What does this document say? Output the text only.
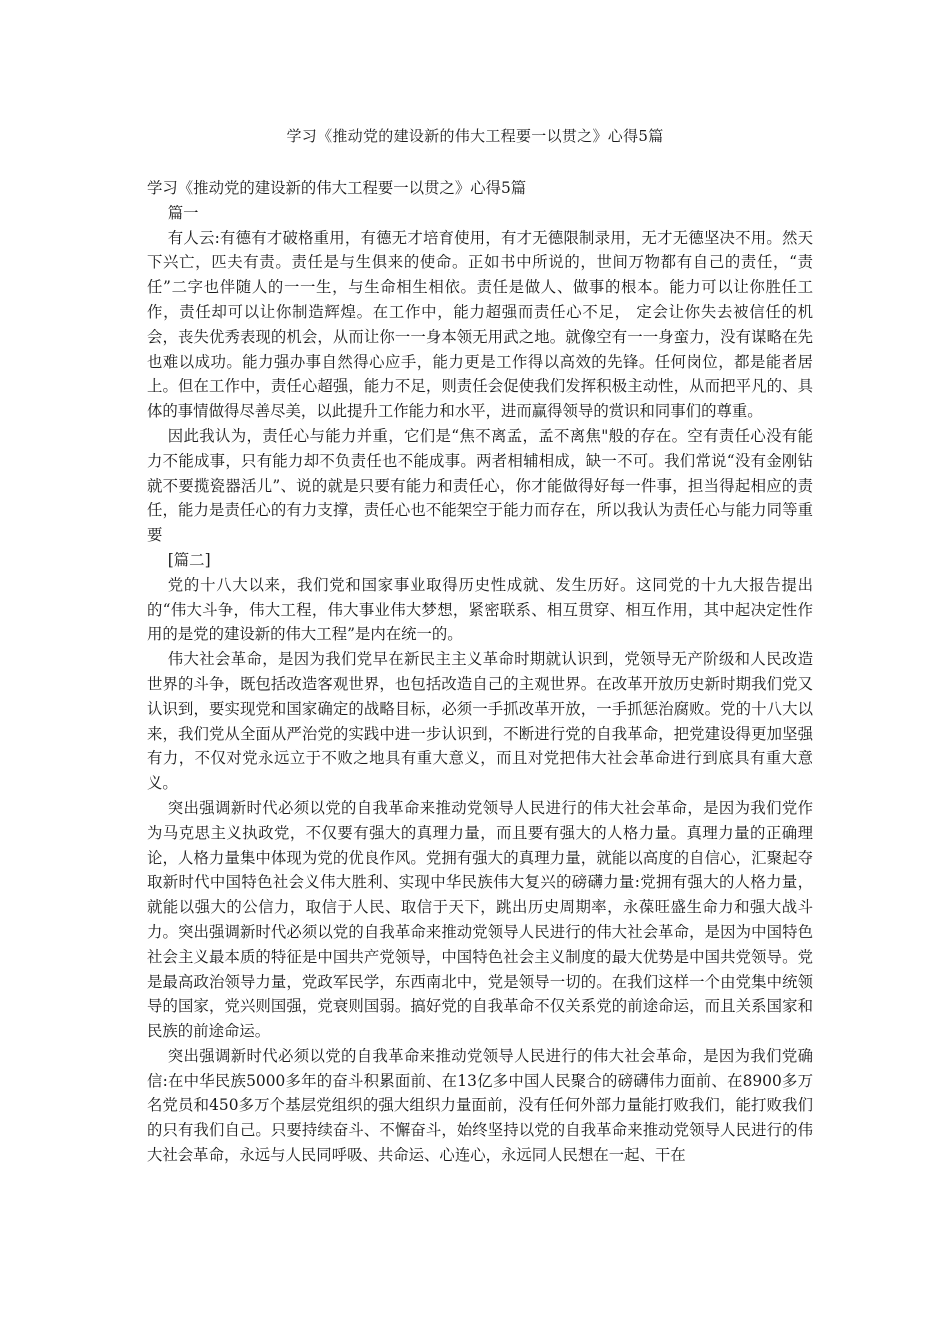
学习《推动党的建设新的伟大工程要一以贯之》心得5篇

学习《推动党的建设新的伟大工程要一以贯之》心得5篇

篇一

有人云:有德有才破格重用，有德无才培育使用，有才无德限制录用，无才无德坚决不用。然天下兴亡，匹夫有责。责任是与生俱来的使命。正如书中所说的，世间万物都有自己的责任，“责任”二字也伴随人的一一生，与生命相生相依。责任是做人、做事的根本。能力可以让你胜任工作，责任却可以让你制造辉煌。在工作中，能力超强而责任心不足， 定会让你失去被信任的机会，丧失优秀表现的机会，从而让你一一身本领无用武之地。就像空有一一身蛮力，没有谋略在先也难以成功。能力强办事自然得心应手，能力更是工作得以高效的先锋。任何岗位，都是能者居上。但在工作中，责任心超强，能力不足，则责任会促使我们发挥积极主动性，从而把平凡的、具体的事情做得尽善尽美，以此提升工作能力和水平，进而赢得领导的赏识和同事们的尊重。

因此我认为，责任心与能力并重，它们是“焦不离孟，孟不离焦"般的存在。空有责任心没有能力不能成事，只有能力却不负责任也不能成事。两者相辅相成，缺一不可。我们常说“没有金刚钻就不要揽瓷器活儿”、说的就是只要有能力和责任心，你才能做得好每一件事，担当得起相应的责任，能力是责任心的有力支撑，责任心也不能架空于能力而存在，所以我认为责任心与能力同等重要

[篇二]

党的十八大以来，我们党和国家事业取得历史性成就、发生历好。这同党的十九大报告提出的“伟大斗争，伟大工程，伟大事业伟大梦想，紧密联系、相互贯穿、相互作用，其中起决定性作用的是党的建设新的伟大工程”是内在统一的。

伟大社会革命，是因为我们党早在新民主主义革命时期就认识到，党领导无产阶级和人民改造世界的斗争，既包括改造客观世界，也包括改造自己的主观世界。在改革开放历史新时期我们党又认识到，要实现党和国家确定的战略目标，必须一手抓改革开放，一手抓惩治腐败。党的十八大以来，我们党从全面从严治党的实践中进一步认识到，不断进行党的自我革命，把党建设得更加坚强有力，不仅对党永远立于不败之地具有重大意义，而且对党把伟大社会革命进行到底具有重大意义。

突出强调新时代必须以党的自我革命来推动党领导人民进行的伟大社会革命，是因为我们党作为马克思主义执政党，不仅要有强大的真理力量，而且要有强大的人格力量。真理力量的正确理论，人格力量集中体现为党的优良作风。党拥有强大的真理力量，就能以高度的自信心，汇聚起夺取新时代中国特色社会义伟大胜利、实现中华民族伟大复兴的磅礴力量:党拥有强大的人格力量，就能以强大的公信力，取信于人民、取信于天下，跳出历史周期率，永葆旺盛生命力和强大战斗力。突出强调新时代必须以党的自我革命来推动党领导人民进行的伟大社会革命，是因为中国特色社会主义最本质的特征是中国共产党领导，中国特色社会主义制度的最大优势是中国共党领导。党是最高政治领导力量，党政军民学，东西南北中，党是领导一切的。在我们这样一个由党集中统领导的国家，党兴则国强，党衰则国弱。搞好党的自我革命不仅关系党的前途命运，而且关系国家和民族的前途命运。

突出强调新时代必须以党的自我革命来推动党领导人民进行的伟大社会革命，是因为我们党确信:在中华民族5000多年的奋斗积累面前、在13亿多中国人民聚合的磅礴伟力面前、在8900多万名党员和450多万个基层党组织的强大组织力量面前，没有任何外部力量能打败我们，能打败我们的只有我们自己。只要持续奋斗、不懈奋斗，始终坚持以党的自我革命来推动党领导人民进行的伟大社会革命，永远与人民同呼吸、共命运、心连心，永远同人民想在一起、干在
